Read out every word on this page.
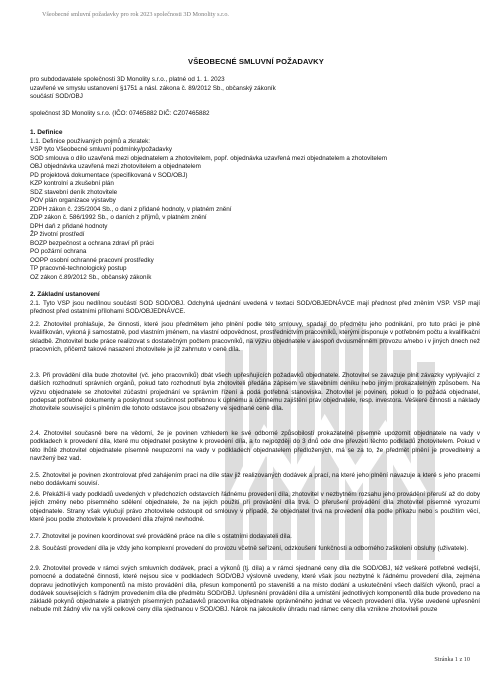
Všeobecné smluvní požadavky pro rok 2023 společnosti 3D Monolity s.r.o.
VŠEOBECNÉ SMLUVNÍ POŽADAVKY
pro subdodavatele společnosti 3D Monolity s.r.o., platné od 1. 1. 2023
uzavřené ve smyslu ustanovení §1751 a násl. zákona č. 89/2012 Sb., občanský zákoník
součástí SOD/OBJ
společnost 3D Monolity s.r.o. (IČO: 07465882 DIČ: CZ07465882
1. Definice
1.1. Definice používaných pojmů a zkratek:
VSP tyto Všeobecné smluvní podmínky/požadavky
SOD smlouva o dílo uzavřená mezi objednatelem a zhotovitelem, popř. objednávka uzavřená mezi objednatelem a zhotovitelem
OBJ objednávka uzavřená mezi zhotovitelem a objednatelem
PD projektová dokumentace (specifikovaná v SOD/OBJ)
KZP kontrolní a zkušební plán
SDZ stavební deník zhotovitele
POV plán organizace výstavby
ZDPH zákon č. 235/2004 Sb., o dani z přidané hodnoty, v platném znění
ZDP zákon č. 586/1992 Sb., o daních z příjmů, v platném znění
DPH daň z přidané hodnoty
ŽP životní prostředí
BOZP bezpečnost a ochrana zdraví při práci
PO požární ochrana
OOPP osobní ochranné pracovní prostředky
TP pracovně-technologický postup
OZ zákon č.89/2012 Sb., občanský zákoník
2. Základní ustanovení
2.1. Tyto VSP jsou nedílnou součástí SOD SOD/OBJ. Odchylná ujednání uvedená v textaci SOD/OBJEDNÁVCE mají přednost před zněním VSP. VSP mají přednost před ostatními přílohami SOD/OBJEDNÁVCE.
2.2. Zhotovitel prohlašuje, že činnosti, které jsou předmětem jeho plnění podle této smlouvy, spadají do předmětu jeho podnikání, pro tuto práci je plně kvalifikován, vykoná ji samostatně, pod vlastním jménem, na vlastní odpovědnost, prostřednictvím pracovníků, kterými disponuje v potřebném počtu a kvalifikační skladbě. Zhotovitel bude práce realizovat s dostatečným počtem pracovníků, na výzvu objednatele v alespoň dvousměnném provozu a/nebo i v jiných dnech než pracovních, přičemž takové nasazení zhotovitele je již zahrnuto v ceně díla.
2.3. Při provádění díla bude zhotovitel (vč. jeho pracovníků) dbát všech upřesňujících požadavků objednatele. Zhotovitel se zavazuje plnit závazky vyplývající z dalších rozhodnutí správních orgánů, pokud tato rozhodnutí byla zhotoviteli předána zápisem ve stavebním deníku nebo jiným prokazatelným způsobem. Na výzvu objednatele se zhotovitel zúčastní projednání ve správním řízení a podá potřebná stanoviska. Zhotovitel je povinen, pokud o to požádá objednatel, podepsat potřebné dokumenty a poskytnout součinnost potřebnou k úplnému a účinnému zajištění práv objednatele, resp. investora. Veškeré činnosti a náklady zhotovitele související s plněním dle tohoto odstavce jsou obsaženy ve sjednané ceně díla.
2.4. Zhotovitel současně bere na vědomí, že je povinen vzhledem ke své odborné způsobilosti prokazatelně písemně upozornit objednatele na vady v podkladech k provedení díla, které mu objednatel poskytne k provedení díla, a to nejpozději do 3 dnů ode dne převzetí těchto podkladů zhotovitelem. Pokud v této lhůtě zhotovitel objednatele písemně neupozorní na vady v podkladech objednatelem předložených, má se za to, že předmět plnění je proveditelný a navržený bez vad.
2.5. Zhotovitel je povinen zkontrolovat před zahájením prací na díle stav již realizovaných dodávek a prací, na které jeho plnění navazuje a které s jeho pracemi nebo dodávkami souvisí.
2.6. Překážlí-li vady podkladů uvedených v předchozích odstavcích řádnému provedení díla, zhotovitel v nezbytném rozsahu jeho provádění přeruší až do doby jejich změny nebo písemného sdělení objednatele, že na jejich použití při provádění díla trvá. O přerušení provádění díla zhotovitel písemně vyrozumí objednatele. Strany však vylučují právo zhotovitele odstoupit od smlouvy v případě, že objednatel trvá na provedení díla podle příkazu nebo s použitím věcí, které jsou podle zhotovitele k provedení díla zřejmě nevhodné.
2.7. Zhotovitel je povinen koordinovat své prováděné práce na díle s ostatními dodavateli díla.
2.8. Součástí provedení díla je vždy jeho komplexní provedení do provozu včetně seřízení, odzkoušení funkčnosti a odborného zaškolení obsluhy (uživatele).
2.9. Zhotovitel provede v rámci svých smluvních dodávek, prací a výkonů (tj. díla) a v rámci sjednané ceny díla dle SOD/OBJ, též veškeré potřebné vedlejší, pomocné a dodatečné činnosti, které nejsou sice v podkladech SOD/OBJ výslovně uvedeny, které však jsou nezbytné k řádnému provedení díla, zejména dopravu jednotlivých komponentů na místo provádění díla, přesun komponentů po staveništi a na místo dodání a uskutečnění všech dalších výkonů, prací a dodávek souvisejících s řádným provedením díla dle předmětu SOD/OBJ. Upřesnění provádění díla a umístění jednotlivých komponentů díla bude provedeno na základě pokynů objednatele a platných písemných požadavků pracovníka objednatele oprávněného jednat ve věcech provedení díla. Výše uvedené upřesnění nebude mít žádný vliv na výši celkové ceny díla sjednanou v SOD/OBJ. Nárok na jakoukoliv úhradu nad rámec ceny díla vznikne zhotoviteli pouze
Stránka 1 z 10
